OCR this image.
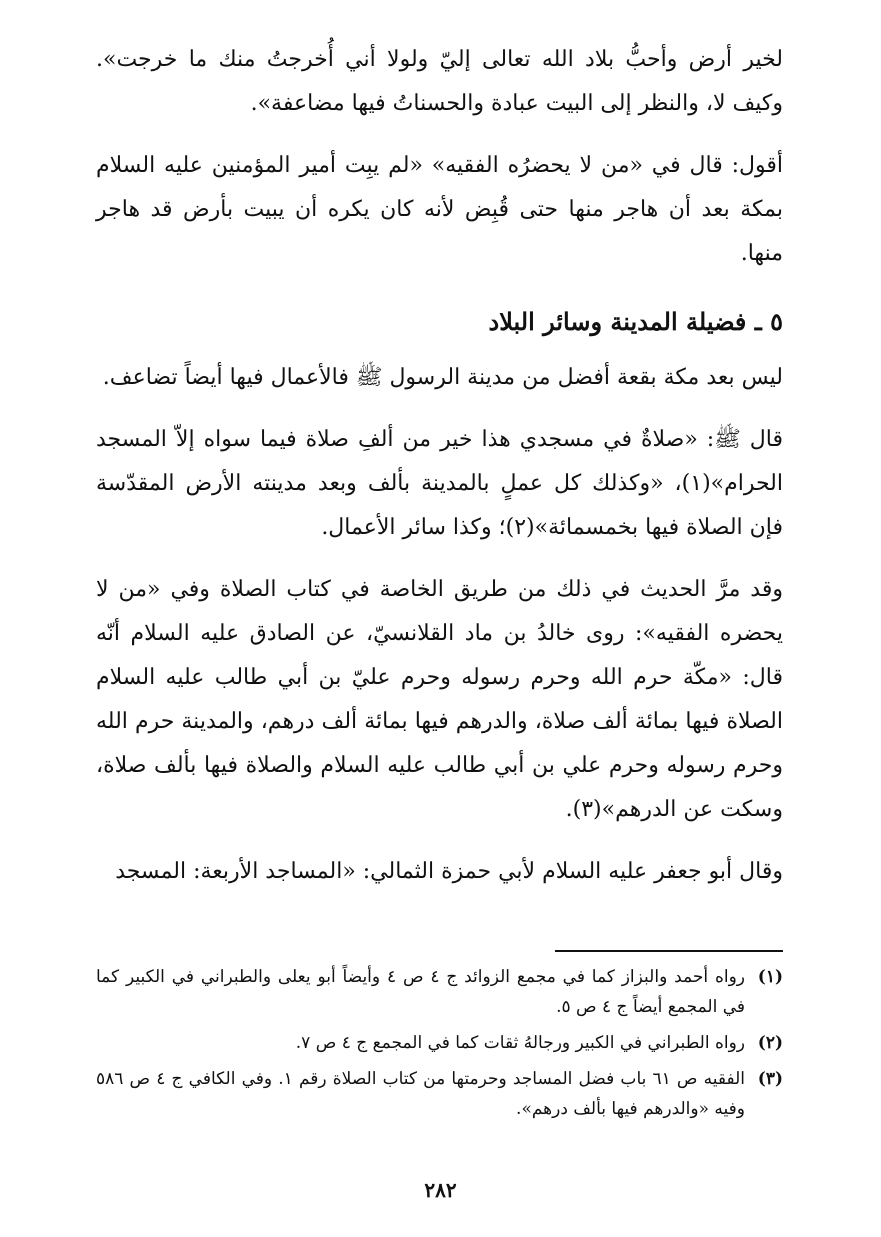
لخير أرض وأحبُّ بلاد الله تعالى إليّ ولولا أني أُخرجتُ منك ما خرجت». وكيف لا، والنظر إلى البيت عبادة والحسناتُ فيها مضاعفة».

أقول: قال في «من لا يحضرُه الفقيه» «لم يبِت أمير المؤمنين عليه السلام بمكة بعد أن هاجر منها حتى قُبِض لأنه كان يكره أن يبيت بأرض قد هاجر منها.

٥ ـ فضيلة المدينة وسائر البلاد

ليس بعد مكة بقعة أفضل من مدينة الرسول ﷺ فالأعمال فيها أيضاً تضاعف.

قال ﷺ: «صلاةٌ في مسجدي هذا خير من ألفِ صلاة فيما سواه إلاّ المسجد الحرام»(١)، «وكذلك كل عملٍ بالمدينة بألف وبعد مدينته الأرض المقدّسة فإن الصلاة فيها بخمسمائة»(٢)؛ وكذا سائر الأعمال.

وقد مرَّ الحديث في ذلك من طريق الخاصة في كتاب الصلاة وفي «من لا يحضره الفقيه»: روى خالدُ بن ماد القلانسيّ، عن الصادق عليه السلام أنّه قال: «مكّة حرم الله وحرم رسوله وحرم عليّ بن أبي طالب عليه السلام الصلاة فيها بمائة ألف صلاة، والدرهم فيها بمائة ألف درهم، والمدينة حرم الله وحرم رسوله وحرم علي بن أبي طالب عليه السلام والصلاة فيها بألف صلاة، وسكت عن الدرهم»(٣).

وقال أبو جعفر عليه السلام لأبي حمزة الثمالي: «المساجد الأربعة: المسجد

(١)
رواه أحمد والبزاز كما في مجمع الزوائد ج ٤ ص ٤ وأيضاً أبو يعلى والطبراني في الكبير كما في المجمع أيضاً ج ٤ ص ٥.
(٢)
رواه الطبراني في الكبير ورجالهُ ثقات كما في المجمع ج ٤ ص ٧.
(٣)
الفقيه ص ٦١ باب فضل المساجد وحرمتها من كتاب الصلاة رقم ١. وفي الكافي ج ٤ ص ٥٨٦ وفيه «والدرهم فيها بألف درهم».
٢٨٢
